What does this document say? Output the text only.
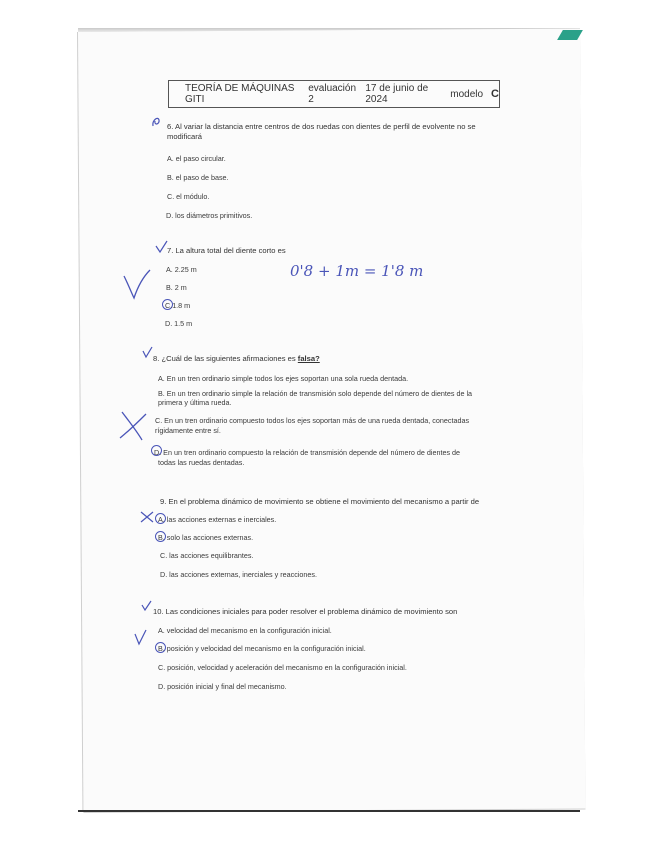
TEORÍA DE MÁQUINAS GITI
evaluación 2
17 de junio de 2024	modelo C
6. Al variar la distancia entre centros de dos ruedas con dientes de perfil de evolvente no se
modificará
A. el paso circular.
B. el paso de base.
C. el módulo.
D. los diámetros primitivos.
7. La altura total del diente corto es
A. 2.25 m
B. 2 m
C.1.8 m
D. 1.5 m
0'8 + 1m = 1'8 m
8. ¿Cuál de las siguientes afirmaciones es falsa?
A. En un tren ordinario simple todos los ejes soportan una sola rueda dentada.
B. En un tren ordinario simple la relación de transmisión solo depende del número de dientes de la
primera y última rueda.
C. En un tren ordinario compuesto todos los ejes soportan más de una rueda dentada, conectadas
rígidamente entre sí.
D. En un tren ordinario compuesto la relación de transmisión depende del número de dientes de
todas las ruedas dentadas.
9. En el problema dinámico de movimiento se obtiene el movimiento del mecanismo a partir de
A. las acciones externas e inerciales.
B. solo las acciones externas.
C. las acciones equilibrantes.
D. las acciones externas, inerciales y reacciones.
10. Las condiciones iniciales para poder resolver el problema dinámico de movimiento son
A. velocidad del mecanismo en la configuración inicial.
B. posición y velocidad del mecanismo en la configuración inicial.
C. posición, velocidad y aceleración del mecanismo en la configuración inicial.
D. posición inicial y final del mecanismo.
